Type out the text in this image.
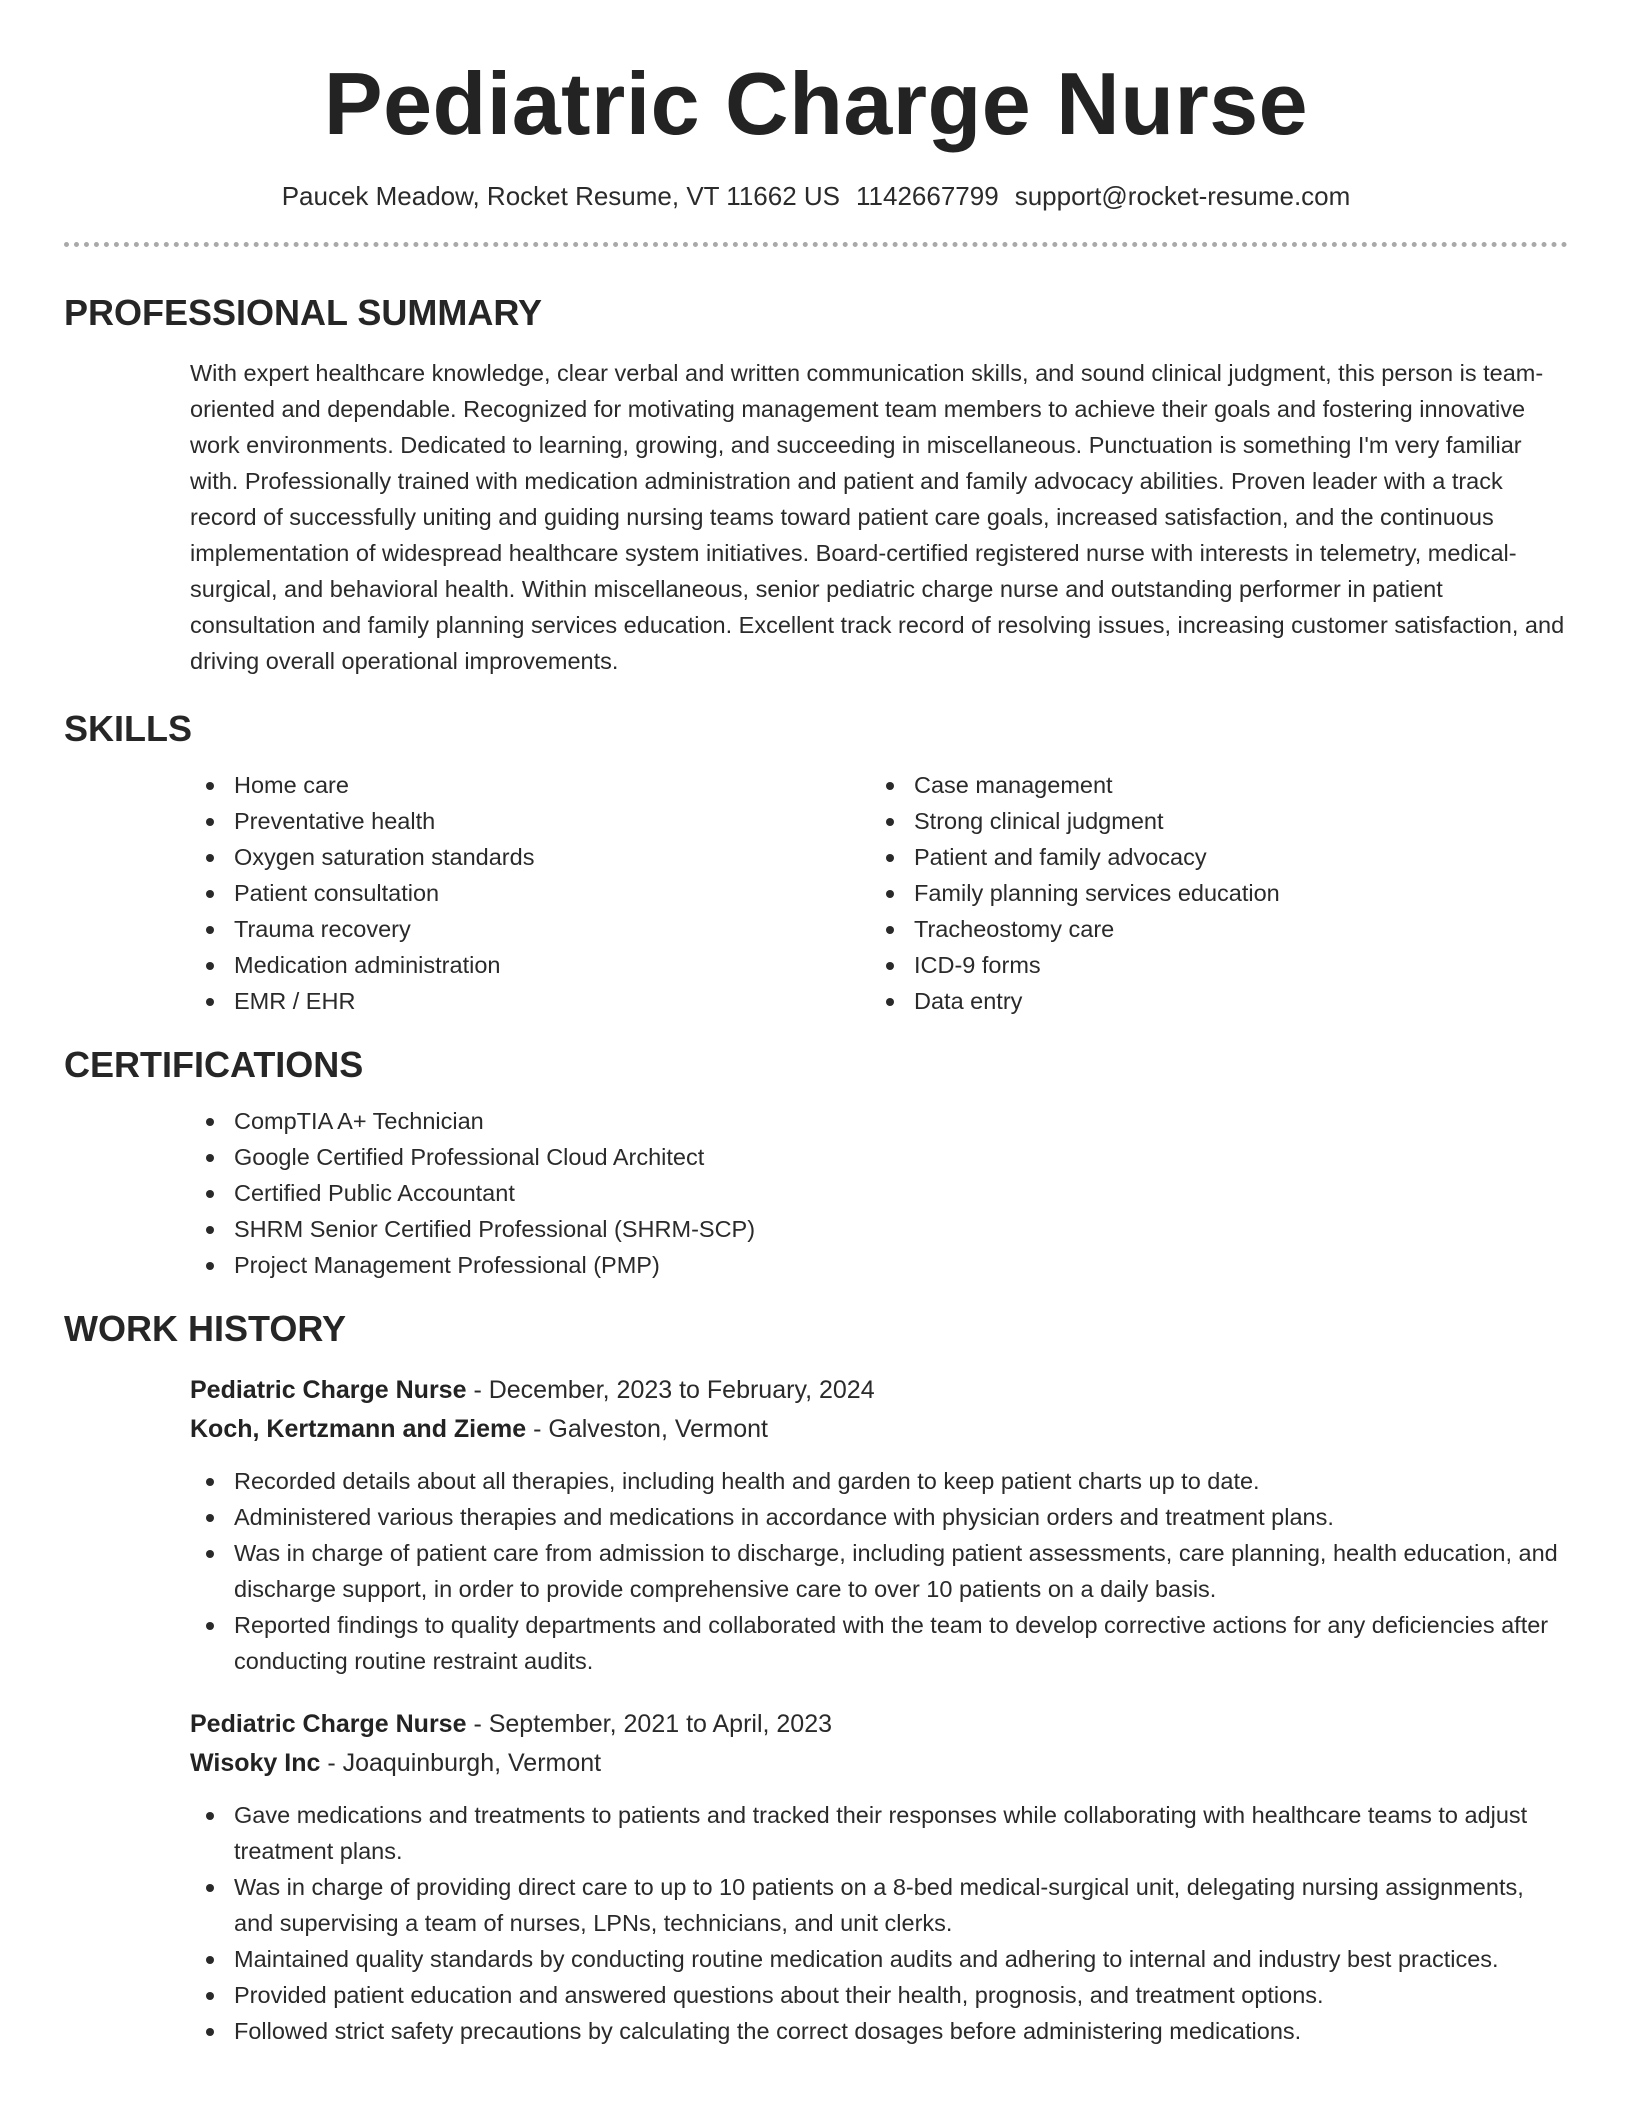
Pediatric Charge Nurse
Paucek Meadow, Rocket Resume, VT 11662 US 1142667799 support@rocket-resume.com
PROFESSIONAL SUMMARY
With expert healthcare knowledge, clear verbal and written communication skills, and sound clinical judgment, this person is team-oriented and dependable. Recognized for motivating management team members to achieve their goals and fostering innovative work environments. Dedicated to learning, growing, and succeeding in miscellaneous. Punctuation is something I'm very familiar with. Professionally trained with medication administration and patient and family advocacy abilities. Proven leader with a track record of successfully uniting and guiding nursing teams toward patient care goals, increased satisfaction, and the continuous implementation of widespread healthcare system initiatives. Board-certified registered nurse with interests in telemetry, medical-surgical, and behavioral health. Within miscellaneous, senior pediatric charge nurse and outstanding performer in patient consultation and family planning services education. Excellent track record of resolving issues, increasing customer satisfaction, and driving overall operational improvements.
SKILLS
Home care
Preventative health
Oxygen saturation standards
Patient consultation
Trauma recovery
Medication administration
EMR / EHR
Case management
Strong clinical judgment
Patient and family advocacy
Family planning services education
Tracheostomy care
ICD-9 forms
Data entry
CERTIFICATIONS
CompTIA A+ Technician
Google Certified Professional Cloud Architect
Certified Public Accountant
SHRM Senior Certified Professional (SHRM-SCP)
Project Management Professional (PMP)
WORK HISTORY
Pediatric Charge Nurse - December, 2023 to February, 2024
Koch, Kertzmann and Zieme - Galveston, Vermont
Recorded details about all therapies, including health and garden to keep patient charts up to date.
Administered various therapies and medications in accordance with physician orders and treatment plans.
Was in charge of patient care from admission to discharge, including patient assessments, care planning, health education, and discharge support, in order to provide comprehensive care to over 10 patients on a daily basis.
Reported findings to quality departments and collaborated with the team to develop corrective actions for any deficiencies after conducting routine restraint audits.
Pediatric Charge Nurse - September, 2021 to April, 2023
Wisoky Inc - Joaquinburgh, Vermont
Gave medications and treatments to patients and tracked their responses while collaborating with healthcare teams to adjust treatment plans.
Was in charge of providing direct care to up to 10 patients on a 8-bed medical-surgical unit, delegating nursing assignments, and supervising a team of nurses, LPNs, technicians, and unit clerks.
Maintained quality standards by conducting routine medication audits and adhering to internal and industry best practices.
Provided patient education and answered questions about their health, prognosis, and treatment options.
Followed strict safety precautions by calculating the correct dosages before administering medications.
